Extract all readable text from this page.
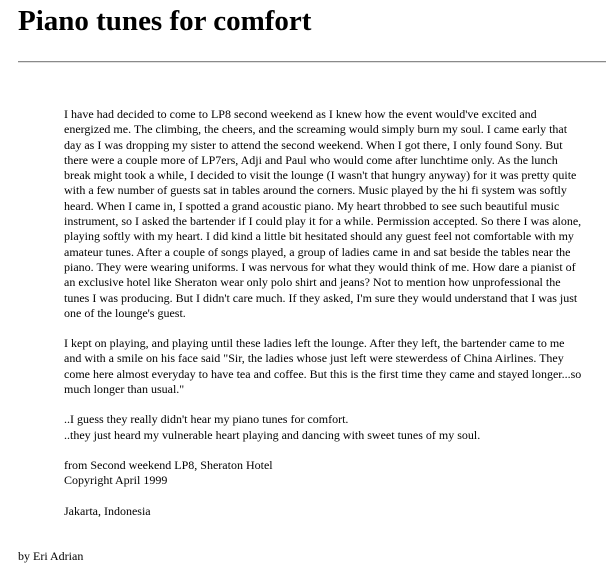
Piano tunes for comfort

I have had decided to come to LP8 second weekend as I knew how the event would've excited and energized me. The climbing, the cheers, and the screaming would simply burn my soul. I came early that day as I was dropping my sister to attend the second weekend. When I got there, I only found Sony. But there were a couple more of LP7ers, Adji and Paul who would come after lunchtime only. As the lunch break might took a while, I decided to visit the lounge (I wasn't that hungry anyway) for it was pretty quite with a few number of guests sat in tables around the corners. Music played by the hi fi system was softly heard. When I came in, I spotted a grand acoustic piano. My heart throbbed to see such beautiful music instrument, so I asked the bartender if I could play it for a while. Permission accepted. So there I was alone, playing softly with my heart. I did kind a little bit hesitated should any guest feel not comfortable with my amateur tunes. After a couple of songs played, a group of ladies came in and sat beside the tables near the piano. They were wearing uniforms. I was nervous for what they would think of me. How dare a pianist of an exclusive hotel like Sheraton wear only polo shirt and jeans? Not to mention how unprofessional the tunes I was producing. But I didn't care much. If they asked, I'm sure they would understand that I was just one of the lounge's guest.

I kept on playing, and playing until these ladies left the lounge. After they left, the bartender came to me and with a smile on his face said "Sir, the ladies whose just left were stewerdess of China Airlines. They come here almost everyday to have tea and coffee. But this is the first time they came and stayed longer...so much longer than usual."

..I guess they really didn't hear my piano tunes for comfort.
..they just heard my vulnerable heart playing and dancing with sweet tunes of my soul.

from Second weekend LP8, Sheraton Hotel
Copyright April 1999

Jakarta, Indonesia

by Eri Adrian
